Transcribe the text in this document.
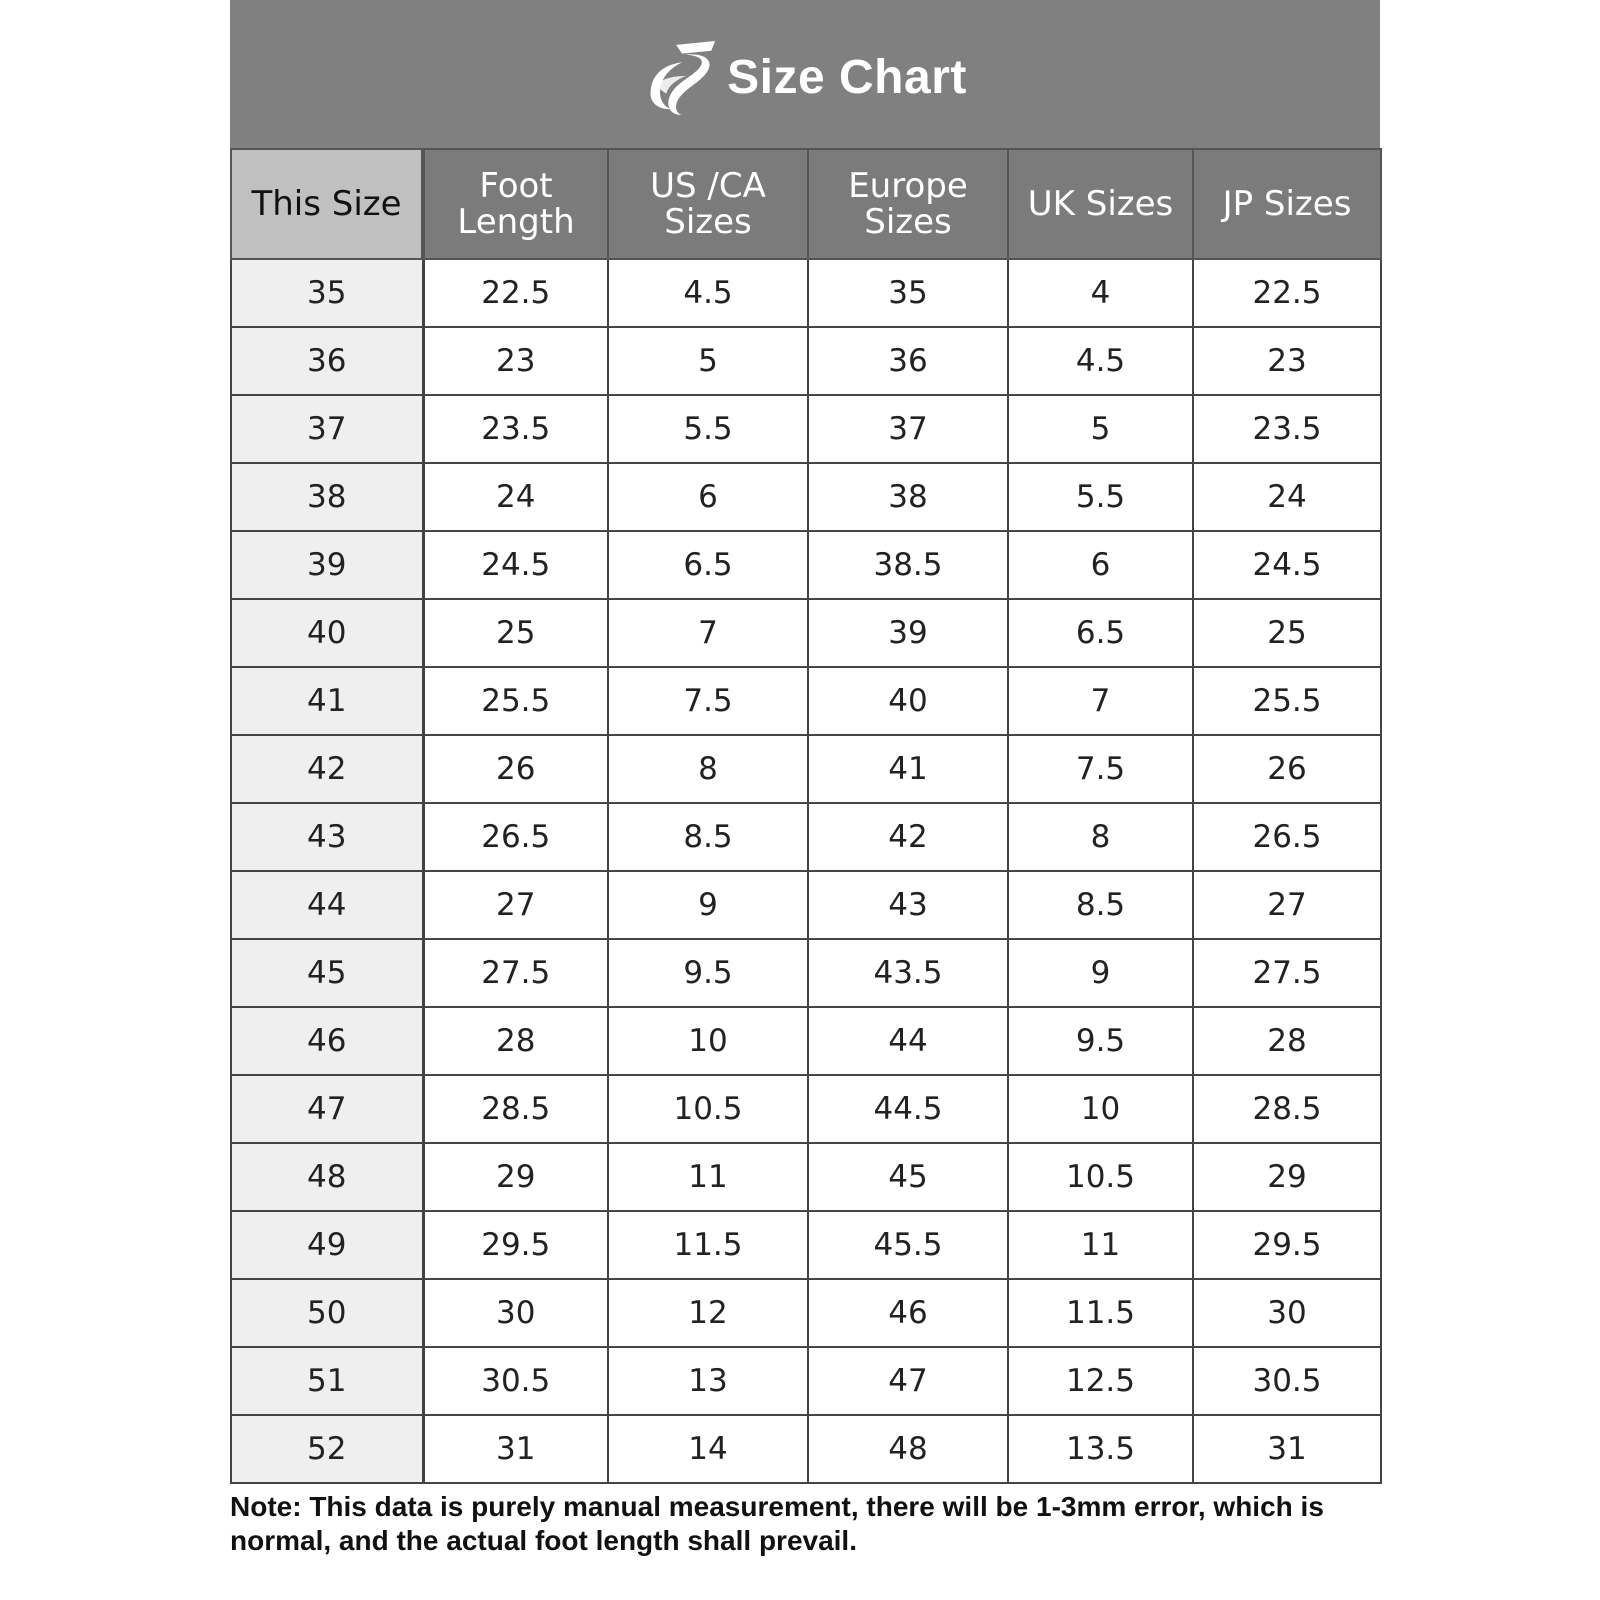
Size Chart
This Size	Foot Length	US /CA Sizes	Europe Sizes	UK Sizes	JP Sizes
35	22.5	4.5	35	4	22.5
36	23	5	36	4.5	23
37	23.5	5.5	37	5	23.5
38	24	6	38	5.5	24
39	24.5	6.5	38.5	6	24.5
40	25	7	39	6.5	25
41	25.5	7.5	40	7	25.5
42	26	8	41	7.5	26
43	26.5	8.5	42	8	26.5
44	27	9	43	8.5	27
45	27.5	9.5	43.5	9	27.5
46	28	10	44	9.5	28
47	28.5	10.5	44.5	10	28.5
48	29	11	45	10.5	29
49	29.5	11.5	45.5	11	29.5
50	30	12	46	11.5	30
51	30.5	13	47	12.5	30.5
52	31	14	48	13.5	31
Note: This data is purely manual measurement, there will be 1-3mm error, which is normal, and the actual foot length shall prevail.
